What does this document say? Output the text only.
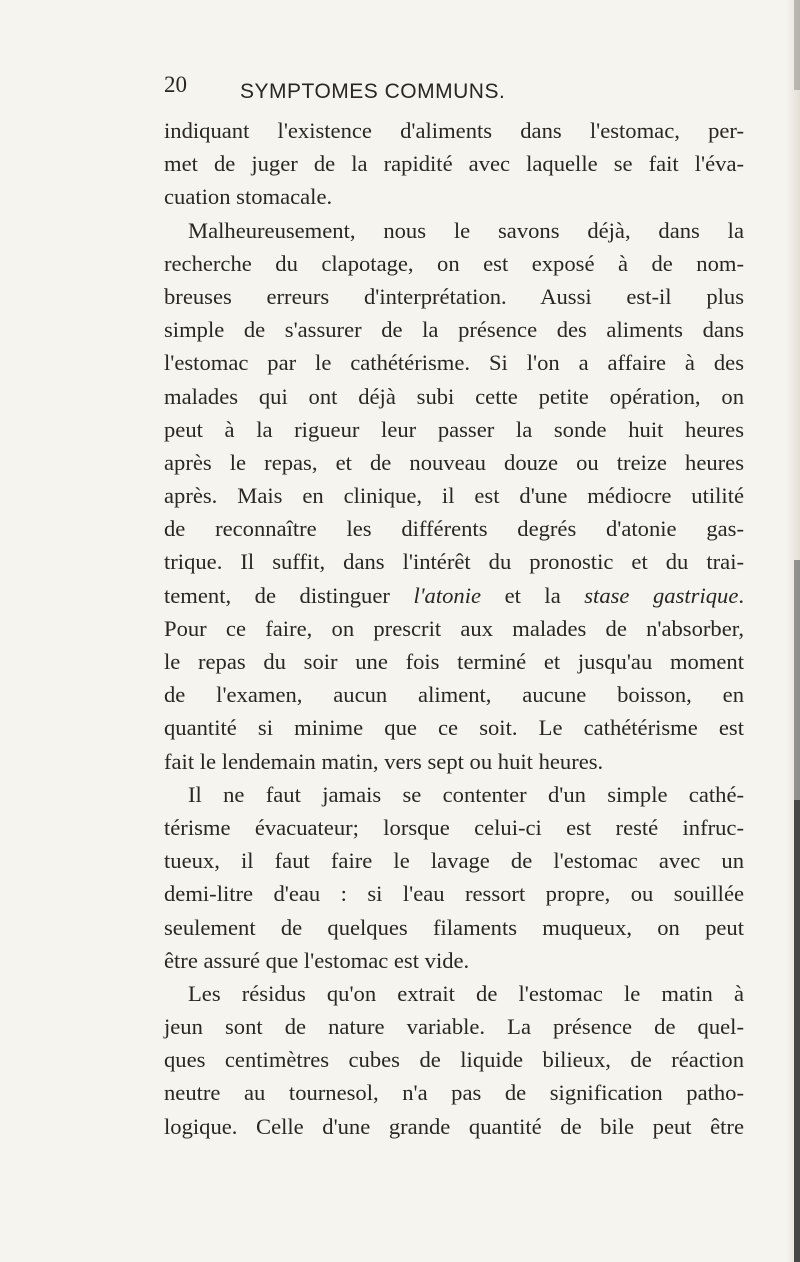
20	SYMPTOMES COMMUNS.
indiquant l'existence d'aliments dans l'estomac, per-
met de juger de la rapidité avec laquelle se fait l'éva-
cuation stomacale.
Malheureusement, nous le savons déjà, dans la
recherche du clapotage, on est exposé à de nom-
breuses erreurs d'interprétation. Aussi est-il plus
simple de s'assurer de la présence des aliments dans
l'estomac par le cathétérisme. Si l'on a affaire à des
malades qui ont déjà subi cette petite opération, on
peut à la rigueur leur passer la sonde huit heures
après le repas, et de nouveau douze ou treize heures
après. Mais en clinique, il est d'une médiocre utilité
de reconnaître les différents degrés d'atonie gas-
trique. Il suffit, dans l'intérêt du pronostic et du trai-
tement, de distinguer l'atonie et la stase gastrique.
Pour ce faire, on prescrit aux malades de n'absorber,
le repas du soir une fois terminé et jusqu'au moment
de l'examen, aucun aliment, aucune boisson, en
quantité si minime que ce soit. Le cathétérisme est
fait le lendemain matin, vers sept ou huit heures.
Il ne faut jamais se contenter d'un simple cathé-
térisme évacuateur; lorsque celui-ci est resté infruc-
tueux, il faut faire le lavage de l'estomac avec un
demi-litre d'eau : si l'eau ressort propre, ou souillée
seulement de quelques filaments muqueux, on peut
être assuré que l'estomac est vide.
Les résidus qu'on extrait de l'estomac le matin à
jeun sont de nature variable. La présence de quel-
ques centimètres cubes de liquide bilieux, de réaction
neutre au tournesol, n'a pas de signification patho-
logique. Celle d'une grande quantité de bile peut être
